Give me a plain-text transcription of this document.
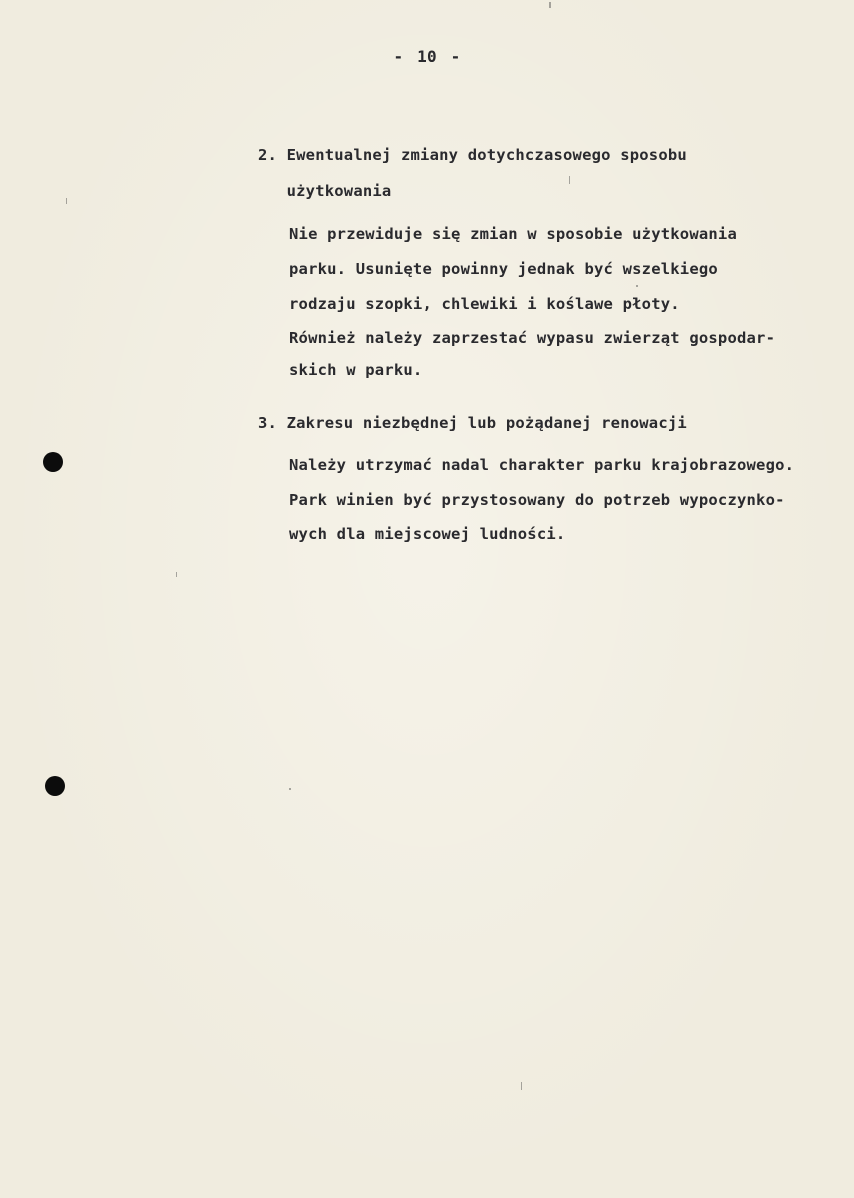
- 10 -
2. Ewentualnej zmiany dotychczasowego sposobu
użytkowania
Nie przewiduje się zmian w sposobie użytkowania
parku. Usunięte powinny jednak być wszelkiego
rodzaju szopki, chlewiki i koślawe płoty.
Również należy zaprzestać wypasu zwierząt gospodar-
skich w parku.
3. Zakresu niezbędnej lub pożądanej renowacji
Należy utrzymać nadal charakter parku krajobrazowego.
Park winien być przystosowany do potrzeb wypoczynko-
wych dla miejscowej ludności.
